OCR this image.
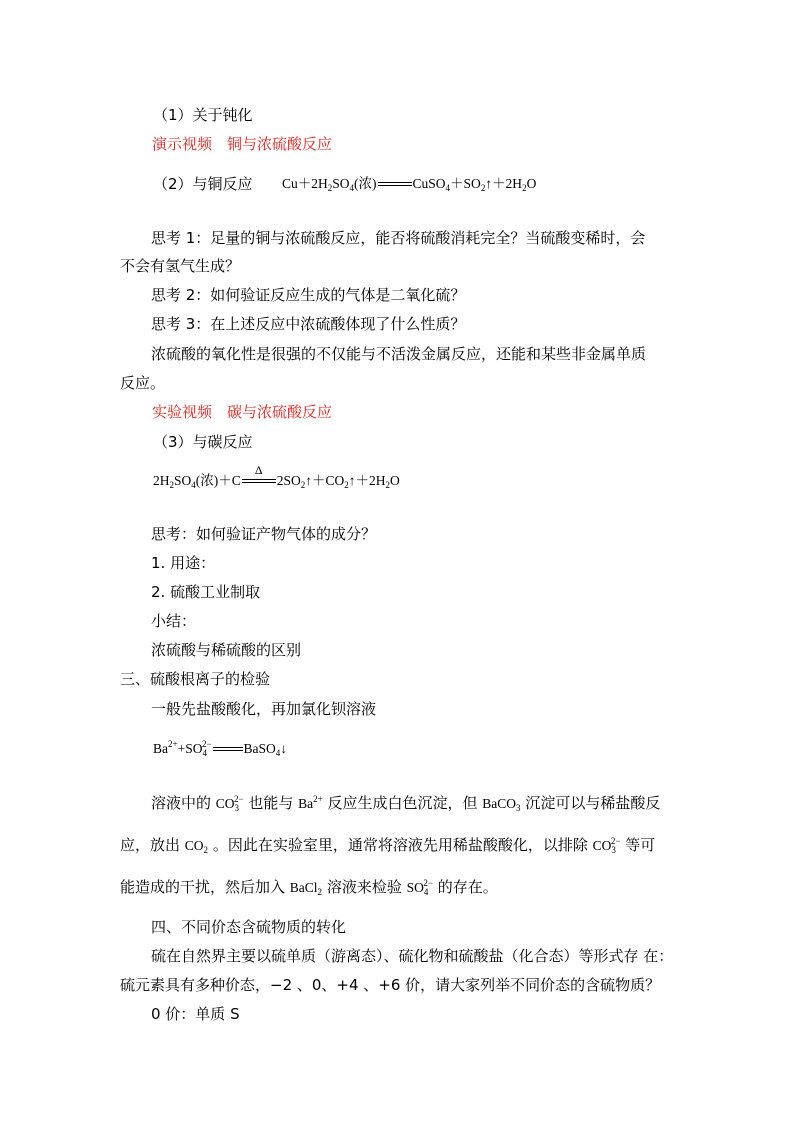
（1）关于钝化
演示视频　铜与浓硫酸反应
（2）与铜反应 $Cu+2H_2SO_4$(浓)	$CuSO_4+SO_2↑+2H_2O$
思考 1：足量的铜与浓硫酸反应，能否将硫酸消耗完全？当硫酸变稀时，会
不会有氢气生成？
思考 2：如何验证反应生成的气体是二氧化硫？
思考 3：在上述反应中浓硫酸体现了什么性质？
浓硫酸的氧化性是很强的不仅能与不活泼金属反应，还能和某些非金属单质
反应。
实验视频　碳与浓硫酸反应
（3）与碳反应
$2H_2SO_4$(浓)＋C
Δ
$2SO_2↑+CO_2↑+2H_2O$
思考：如何验证产物气体的成分？
1. 用途：
2. 硫酸工业制取
小结：
浓硫酸与稀硫酸的区别
三、硫酸根离子的检验
一般先盐酸酸化，再加氯化钡溶液
$Ba^{2+}+SO_4^{2-}$ BaSO$_4$↓
溶液中的 $CO_3^{2-}$ 也能与 $Ba^{2+}$ 反应生成白色沉淀，但 BaCO$_3$ 沉淀可以与稀盐酸反
应，放出 $CO_2$ 。因此在实验室里，通常将溶液先用稀盐酸酸化，以排除 $CO_3^{2-}$ 等可
能造成的干扰，然后加入 BaCl$_2$ 溶液来检验 $SO_4^{2-}$ 的存在。
四、不同价态含硫物质的转化
硫在自然界主要以硫单质（游离态）、硫化物和硫酸盐（化合态）等形式存 在：
硫元素具有多种价态，−2 、0、+4 、+6 价，请大家列举不同价态的含硫物质？
0 价：单质 S
